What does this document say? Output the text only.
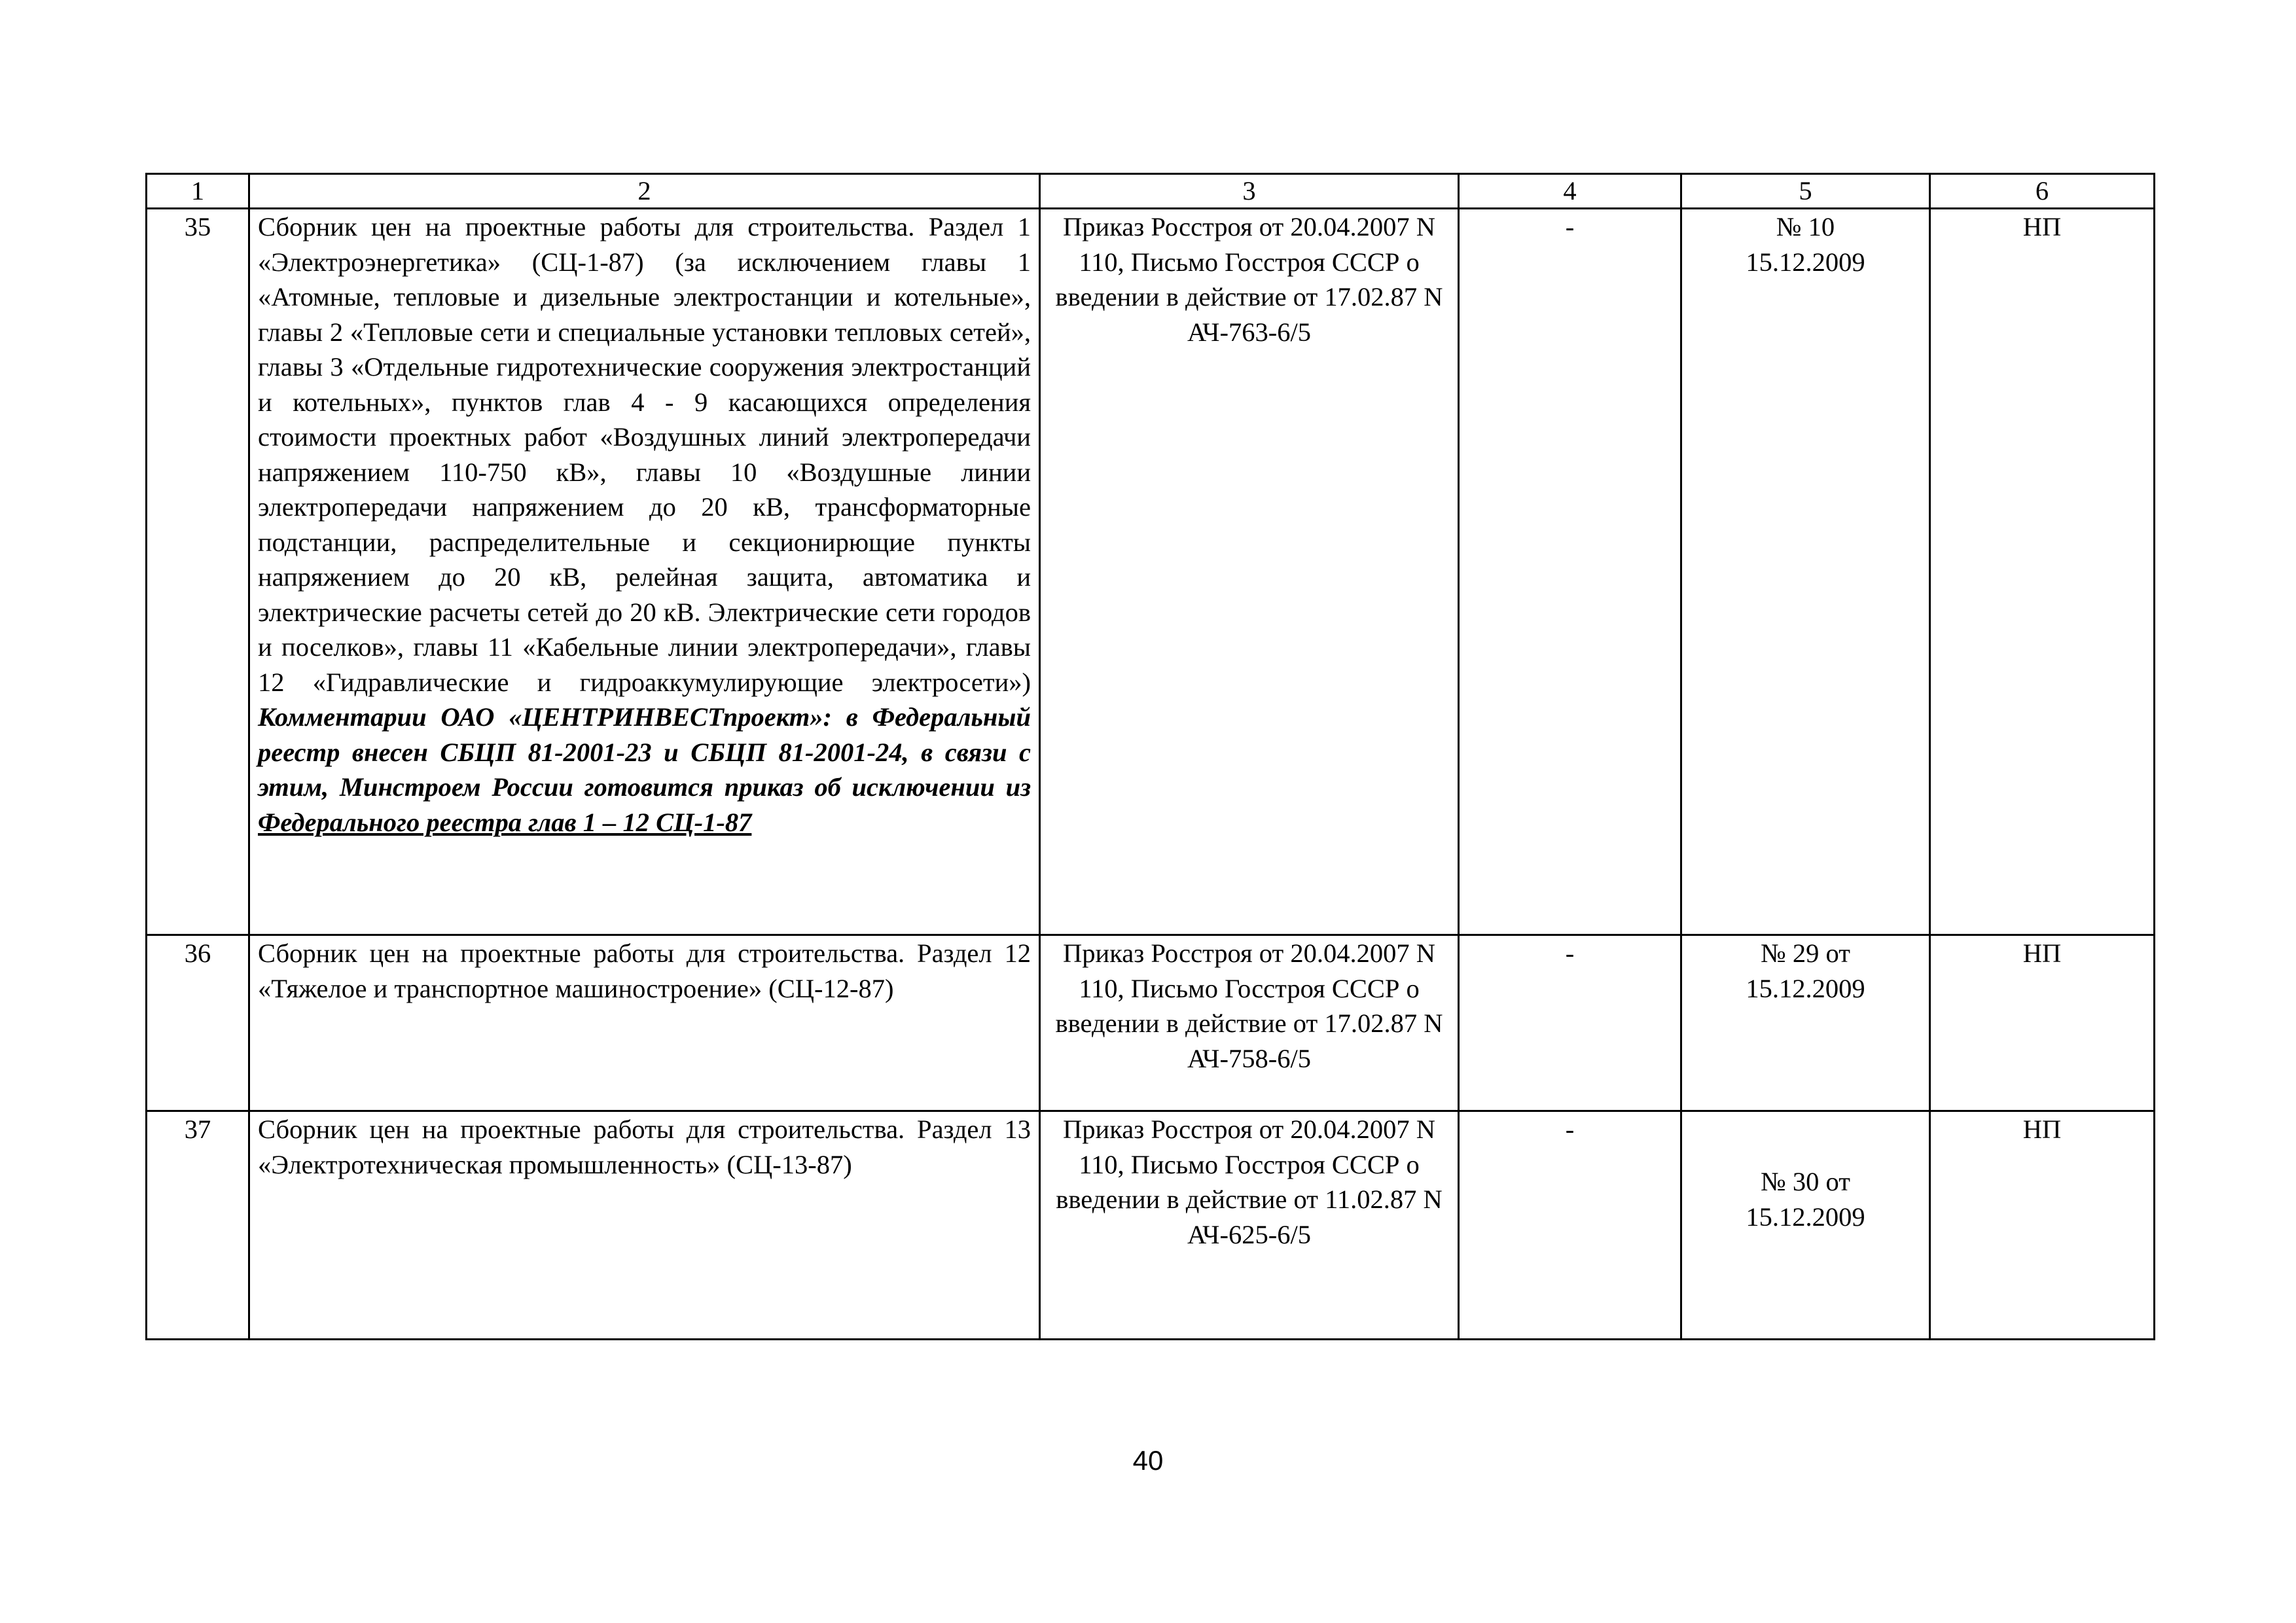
1	2	3	4	5	6
35	Сборник цен на проектные работы для строительства. Раздел 1 «Электроэнергетика» (СЦ-1-87) (за исключением главы 1 «Атомные, тепловые и дизельные электростанции и котельные», главы 2 «Тепловые сети и специальные установки тепловых сетей», главы 3 «Отдельные гидротехнические сооружения электростанций и котельных», пунктов глав 4 - 9 касающихся определения стоимости проектных работ «Воздушных линий электропередачи напряжением 110-750 кВ», главы 10 «Воздушные линии электропередачи напряжением до 20 кВ, трансформаторные подстанции, распределительные и секционирющие пункты напряжением до 20 кВ, релейная защита, автоматика и электрические расчеты сетей до 20 кВ. Электрические сети городов и поселков», главы 11 «Кабельные линии электропередачи», главы 12 «Гидравлические и гидроаккумулирующие электросети») Комментарии ОАО «ЦЕНТРИНВЕСТпроект»: в Федеральный реестр внесен СБЦП 81-2001-23 и СБЦП 81-2001-24, в связи с этим, Минстроем России готовится приказ об исключении из Федерального реестра глав 1 – 12 СЦ-1-87	Приказ Росстроя от 20.04.2007 N 110, Письмо Госстроя СССР о введении в действие от 17.02.87 N АЧ-763-6/5	-	№ 10 15.12.2009	НП
36	Сборник цен на проектные работы для строительства. Раздел 12 «Тяжелое и транспортное машиностроение» (СЦ-12-87)	Приказ Росстроя от 20.04.2007 N 110, Письмо Госстроя СССР о введении в действие от 17.02.87 N АЧ-758-6/5	-	№ 29 от 15.12.2009	НП
37	Сборник цен на проектные работы для строительства. Раздел 13 «Электротехническая промышленность» (СЦ-13-87)	Приказ Росстроя от 20.04.2007 N 110, Письмо Госстроя СССР о введении в действие от 11.02.87 N АЧ-625-6/5	-	№ 30 от 15.12.2009	НП
40
